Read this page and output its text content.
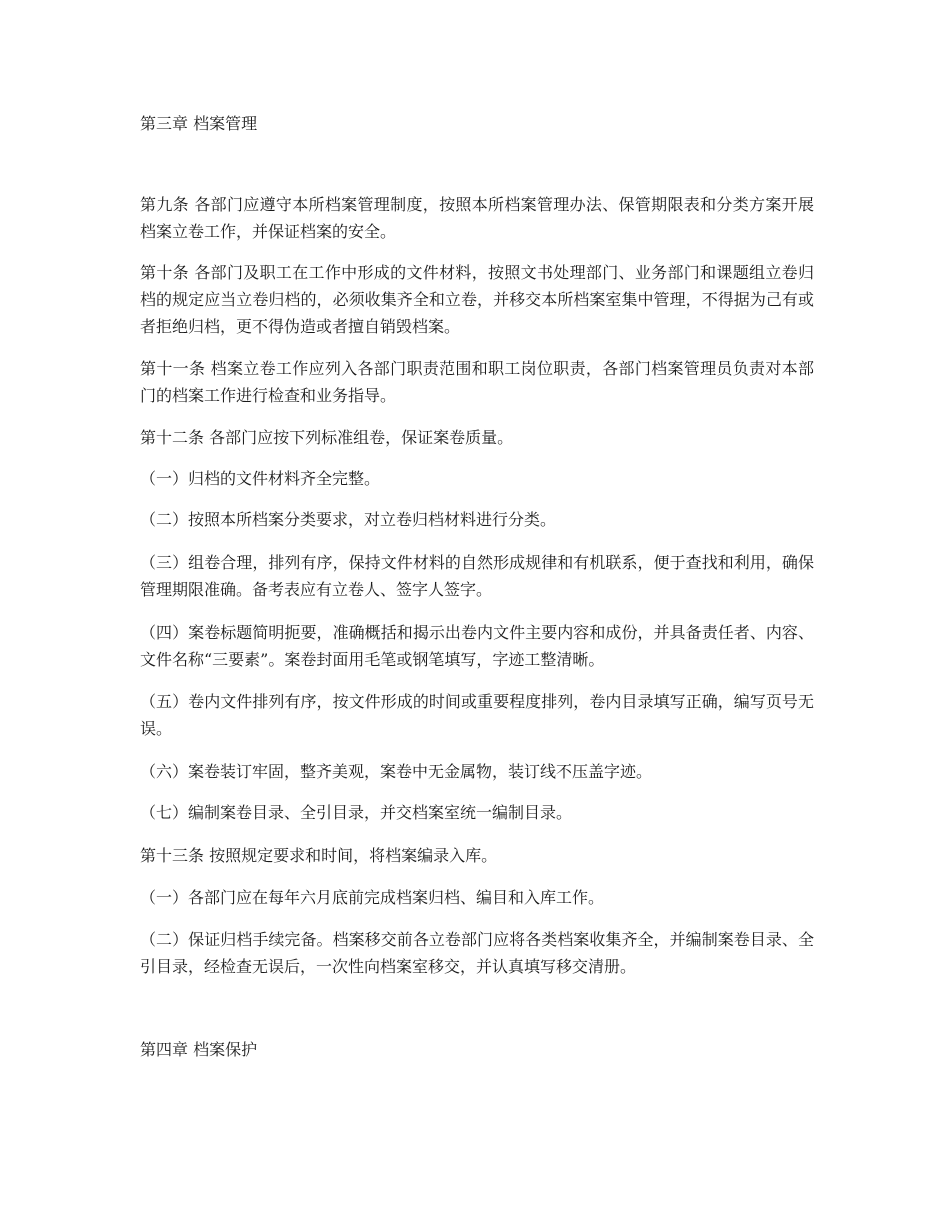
第三章 档案管理

第九条 各部门应遵守本所档案管理制度，按照本所档案管理办法、保管期限表和分类方案开展档案立卷工作，并保证档案的安全。

第十条 各部门及职工在工作中形成的文件材料，按照文书处理部门、业务部门和课题组立卷归档的规定应当立卷归档的，必须收集齐全和立卷，并移交本所档案室集中管理，不得据为己有或者拒绝归档，更不得伪造或者擅自销毁档案。

第十一条 档案立卷工作应列入各部门职责范围和职工岗位职责，各部门档案管理员负责对本部门的档案工作进行检查和业务指导。

第十二条 各部门应按下列标准组卷，保证案卷质量。

（一）归档的文件材料齐全完整。

（二）按照本所档案分类要求，对立卷归档材料进行分类。

（三）组卷合理，排列有序，保持文件材料的自然形成规律和有机联系，便于查找和利用，确保管理期限准确。备考表应有立卷人、签字人签字。

（四）案卷标题简明扼要，准确概括和揭示出卷内文件主要内容和成份，并具备责任者、内容、文件名称“三要素”。案卷封面用毛笔或钢笔填写，字迹工整清晰。

（五）卷内文件排列有序，按文件形成的时间或重要程度排列，卷内目录填写正确，编写页号无误。

（六）案卷装订牢固，整齐美观，案卷中无金属物，装订线不压盖字迹。

（七）编制案卷目录、全引目录，并交档案室统一编制目录。

第十三条 按照规定要求和时间，将档案编录入库。

（一）各部门应在每年六月底前完成档案归档、编目和入库工作。

（二）保证归档手续完备。档案移交前各立卷部门应将各类档案收集齐全，并编制案卷目录、全引目录，经检查无误后，一次性向档案室移交，并认真填写移交清册。

第四章 档案保护
